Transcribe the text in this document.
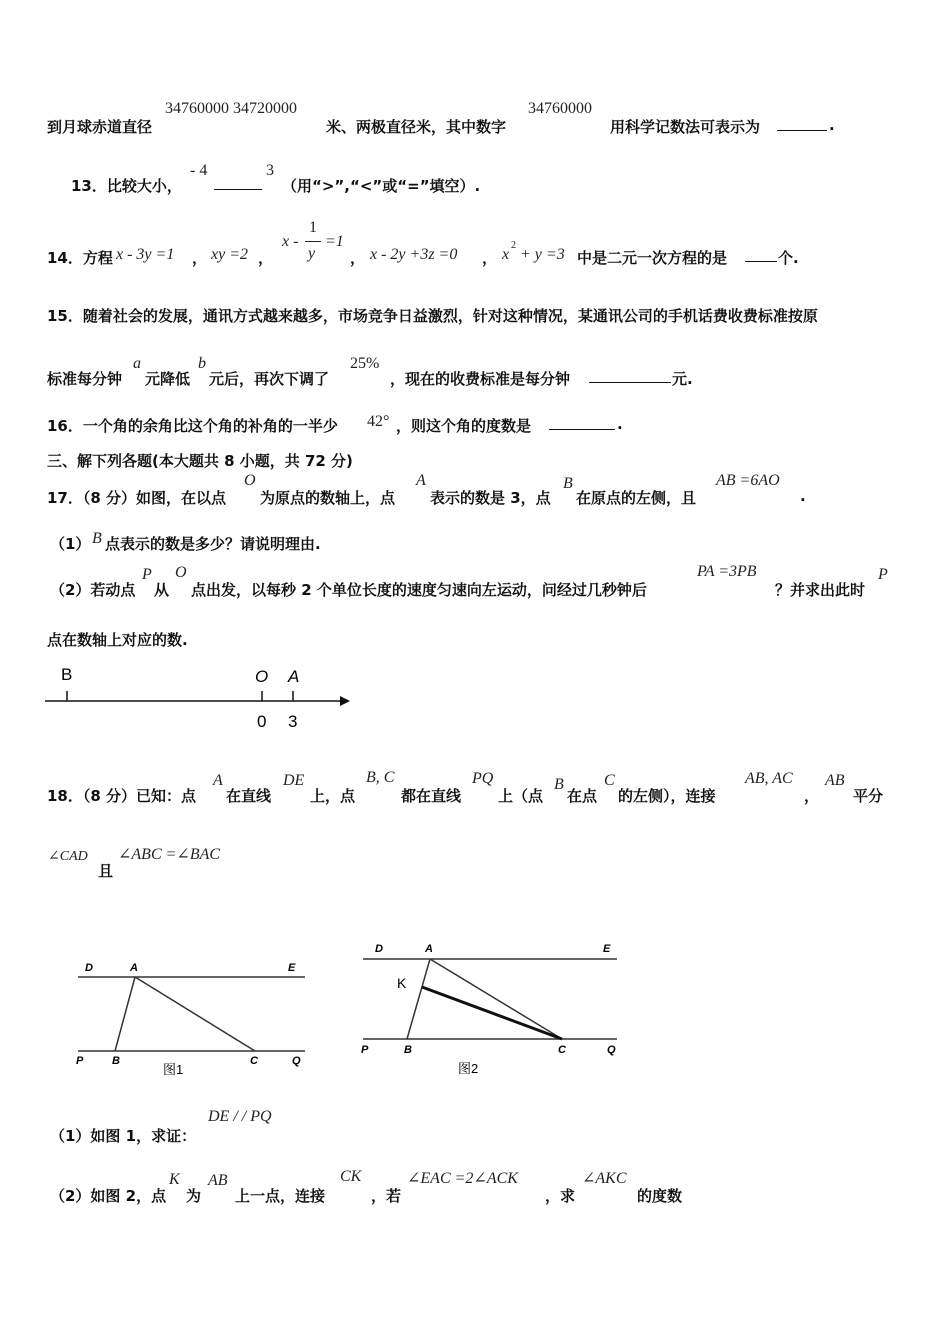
到月球赤道直径
34760000 34720000
米、两极直径米，其中数字
34760000
用科学记数法可表示为	.
13．比较大小，
- 4	3
（用“>”,“<”或“=”填空）.
14．方程 x - 3y =1 ， xy =2 ，
x -
1
y
=1
， x - 2y +3z =0 ， x
2
+ y =3 中是二元一次方程的是	个.
15．随着社会的发展，通讯方式越来越多，市场竞争日益激烈，针对这种情况，某通讯公司的手机话费收费标准按原
标准每分钟
a
元降低
b
元后，再次下调了
25%
，现在的收费标准是每分钟	元.
16．一个角的余角比这个角的补角的一半少 42° ，则这个角的度数是	.
三、解下列各题(本大题共 8 小题，共 72 分)
17．（8 分）如图，在以点
O
为原点的数轴上，点
A
表示的数是 3，点
B
在原点的左侧，且
AB =6AO
.
（1） B 点表示的数是多少？请说明理由.
（2）若动点
P
从
O
点出发，以每秒 2 个单位长度的速度匀速向左运动，问经过几秒钟后
PA =3PB
？并求出此时
P
点在数轴上对应的数.
B	O A
0 3
18．（8 分）已知：点
A
在直线
DE
上，点
B, C
都在直线
PQ
上（点
B
在点
C
的左侧），连接
AB, AC
，
AB
平分
∠CAD
且
∠ABC =∠BAC
D	A	E
P	B	C	Q
图1
D	A	E
K
P	B	C	Q
图2
（1）如图 1，求证：
DE / / PQ
（2）如图 2，点
K
为
AB
上一点，连接
CK
，若
∠EAC =2∠ACK
，求
∠AKC
的度数
